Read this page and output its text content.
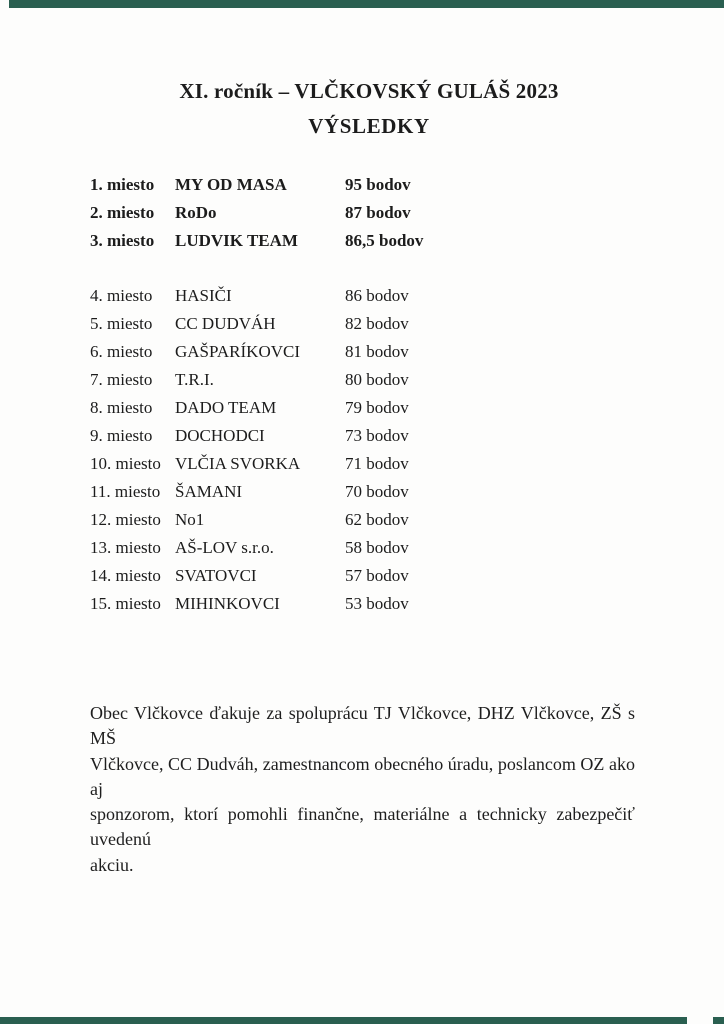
XI. ročník – VLČKOVSKÝ GULÁŠ 2023
VÝSLEDKY
1. miesto	MY OD MASA	95 bodov
2. miesto	RoDo	87 bodov
3. miesto	LUDVIK TEAM	86,5 bodov
4. miesto	HASIČI	86 bodov
5. miesto	CC DUDVÁH	82 bodov
6. miesto	GAŠPARÍKOVCI	81 bodov
7. miesto	T.R.I.	80 bodov
8. miesto	DADO TEAM	79 bodov
9. miesto	DOCHODCI	73 bodov
10. miesto VLČIA SVORKA	71 bodov
11. miesto ŠAMANI	70 bodov
12. miesto No1	62 bodov
13. miesto AŠ-LOV s.r.o.	58 bodov
14. miesto SVATOVCI	57 bodov
15. miesto MIHINKOVCI	53 bodov
Obec Vlčkovce ďakuje za spoluprácu TJ Vlčkovce, DHZ Vlčkovce, ZŠ s MŠ
Vlčkovce, CC Dudváh, zamestnancom obecného úradu, poslancom OZ ako aj
sponzorom, ktorí pomohli finančne, materiálne a technicky zabezpečiť uvedenú
akciu.
